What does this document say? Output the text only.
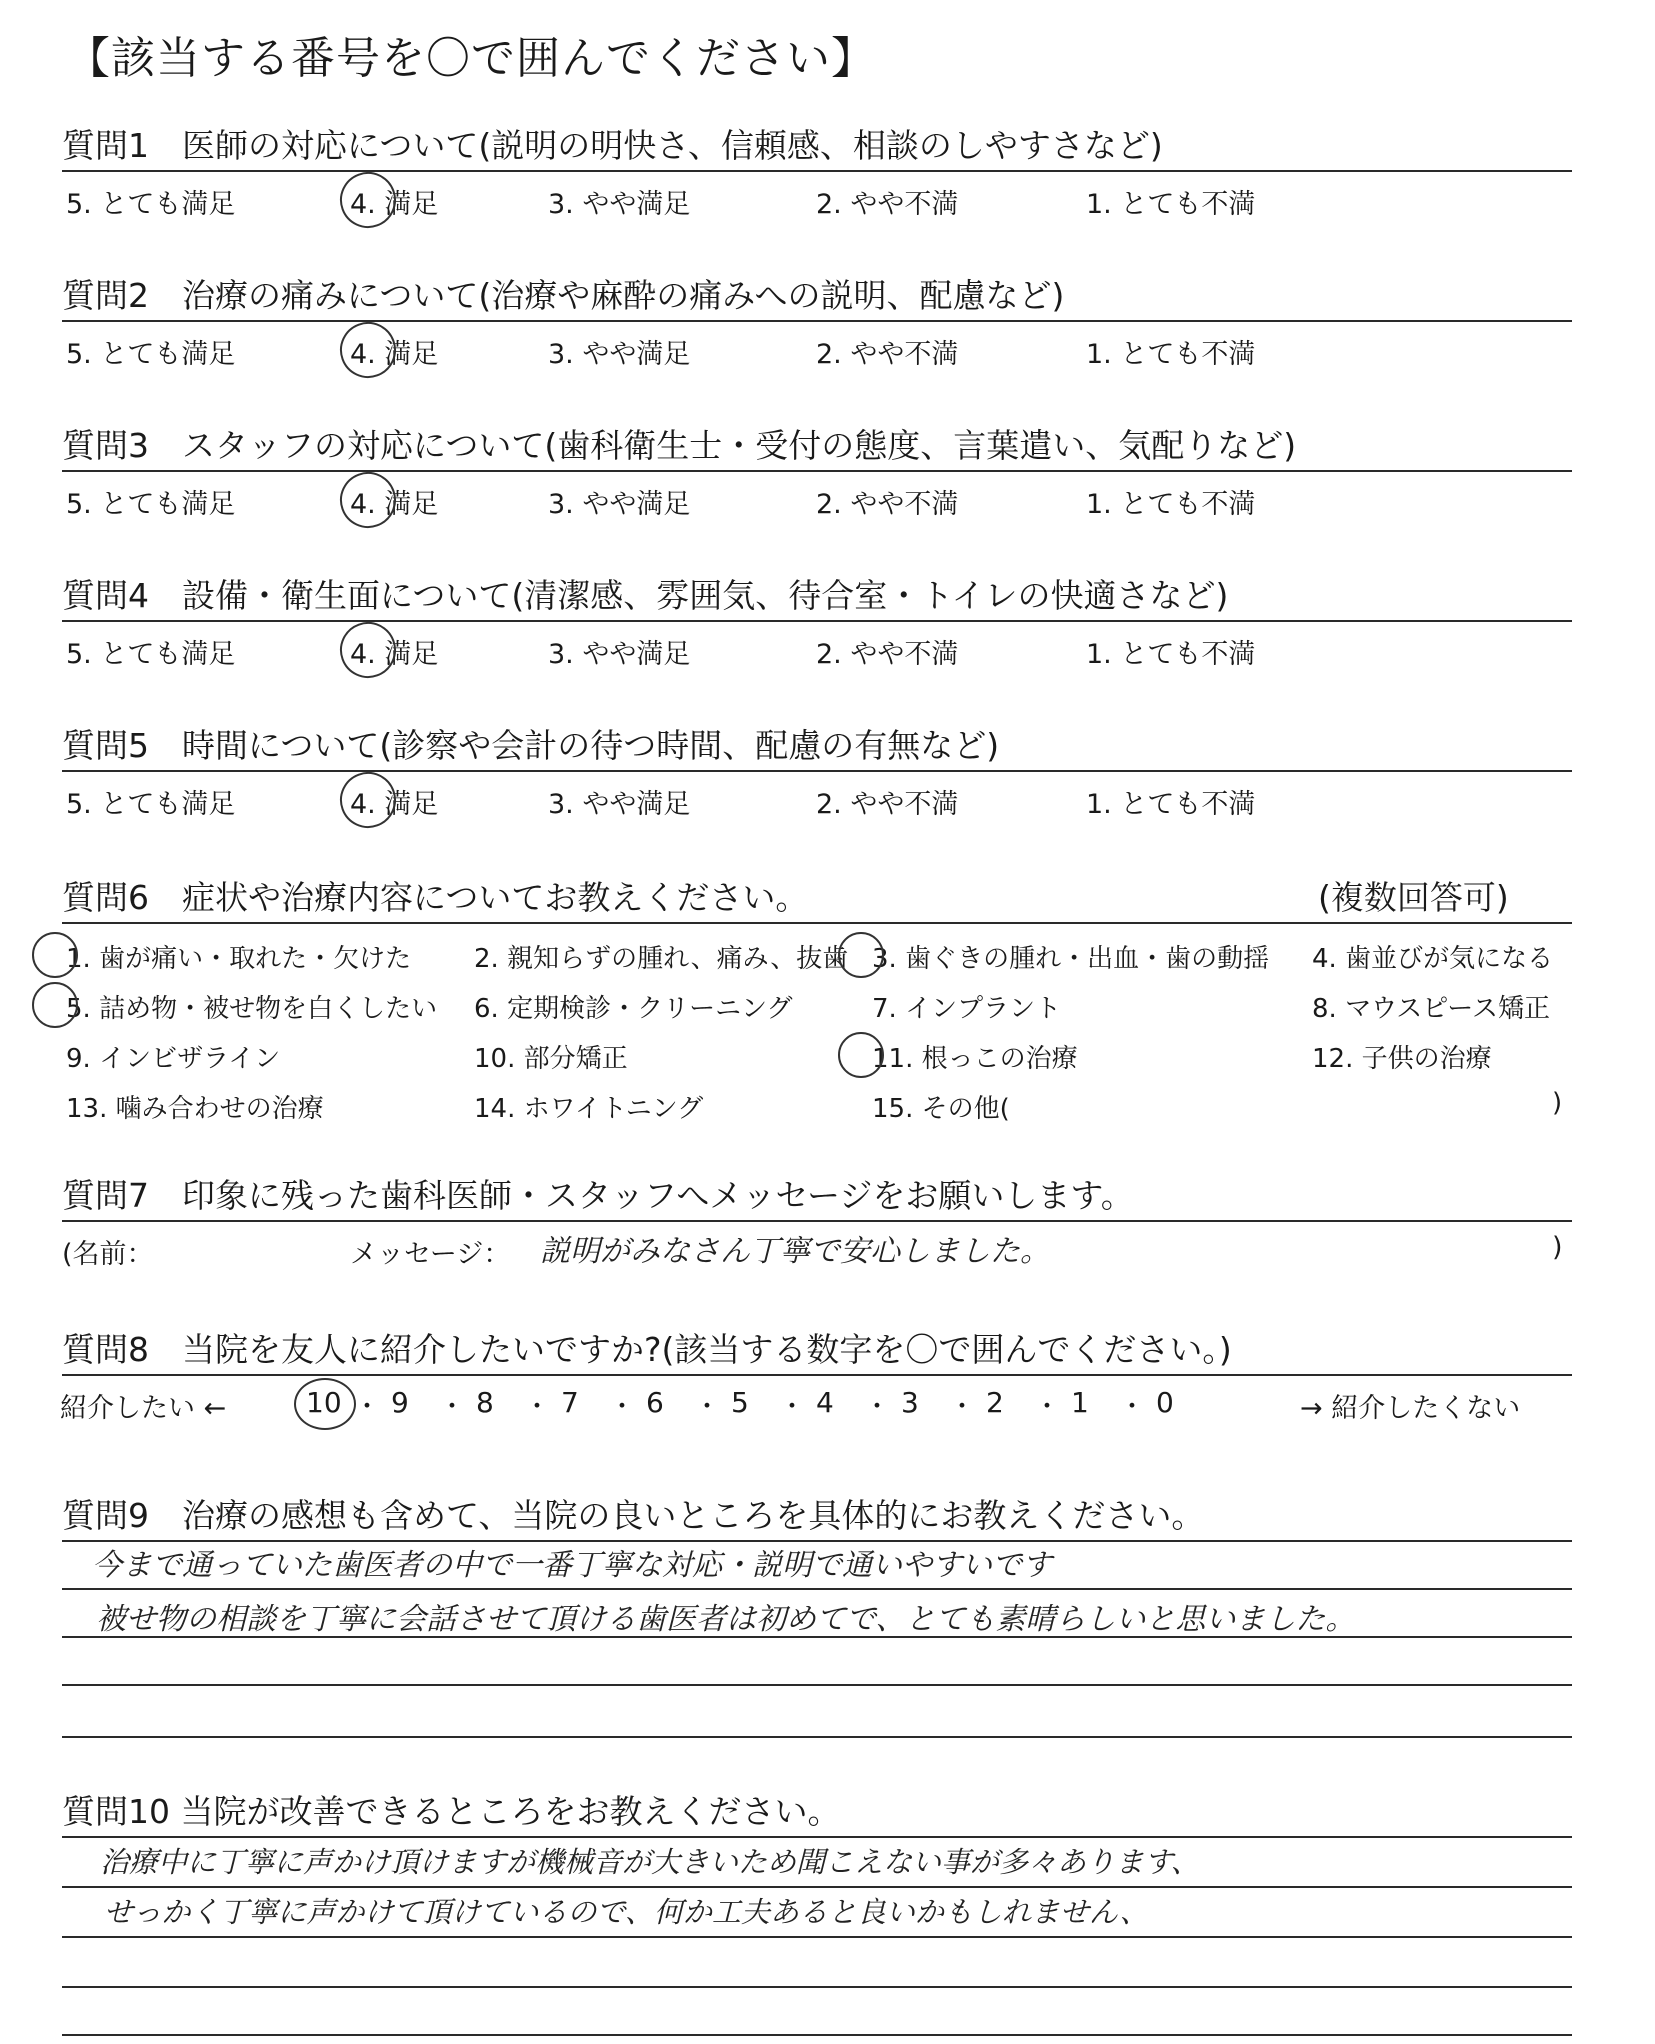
【該当する番号を〇で囲んでください】
質問1　医師の対応について(説明の明快さ、信頼感、相談のしやすさなど)
5. とても満足	4. 満足	3. やや満足	2. やや不満	1. とても不満
質問2　治療の痛みについて(治療や麻酔の痛みへの説明、配慮など)
5. とても満足	4. 満足	3. やや満足	2. やや不満	1. とても不満
質問3　スタッフの対応について(歯科衛生士・受付の態度、言葉遣い、気配りなど)
5. とても満足	4. 満足	3. やや満足	2. やや不満	1. とても不満
質問4　設備・衛生面について(清潔感、雰囲気、待合室・トイレの快適さなど)
5. とても満足	4. 満足	3. やや満足	2. やや不満	1. とても不満
質問5　時間について(診察や会計の待つ時間、配慮の有無など)
5. とても満足	4. 満足	3. やや満足	2. やや不満	1. とても不満
質問6　症状や治療内容についてお教えください。	(複数回答可)
1. 歯が痛い・取れた・欠けた 2. 親知らずの腫れ、痛み、抜歯 3. 歯ぐきの腫れ・出血・歯の動揺 4. 歯並びが気になる
5. 詰め物・被せ物を白くしたい 6. 定期検診・クリーニング	7. インプラント	8. マウスピース矯正
9. インビザライン	10. 部分矯正	11. 根っこの治療	12. 子供の治療
13. 噛み合わせの治療	14. ホワイトニング	15. その他(	)
質問7　印象に残った歯科医師・スタッフへメッセージをお願いします。
(名前：	メッセージ： 説明がみなさん丁寧で安心しました。	)
質問8　当院を友人に紹介したいですか?(該当する数字を〇で囲んでください。)
紹介したい ←	10 ・ 9 ・ 8 ・ 7 ・ 6 ・ 5 ・ 4 ・ 3 ・ 2 ・ 1 ・ 0	→ 紹介したくない
質問9　治療の感想も含めて、当院の良いところを具体的にお教えください。
今まで通っていた歯医者の中で一番丁寧な対応・説明で通いやすいです
被せ物の相談を丁寧に会話させて頂ける歯医者は初めてで、とても素晴らしいと思いました。
質問10 当院が改善できるところをお教えください。
治療中に丁寧に声かけ頂けますが機械音が大きいため聞こえない事が多々あります、
せっかく丁寧に声かけて頂けているので、何か工夫あると良いかもしれません、
